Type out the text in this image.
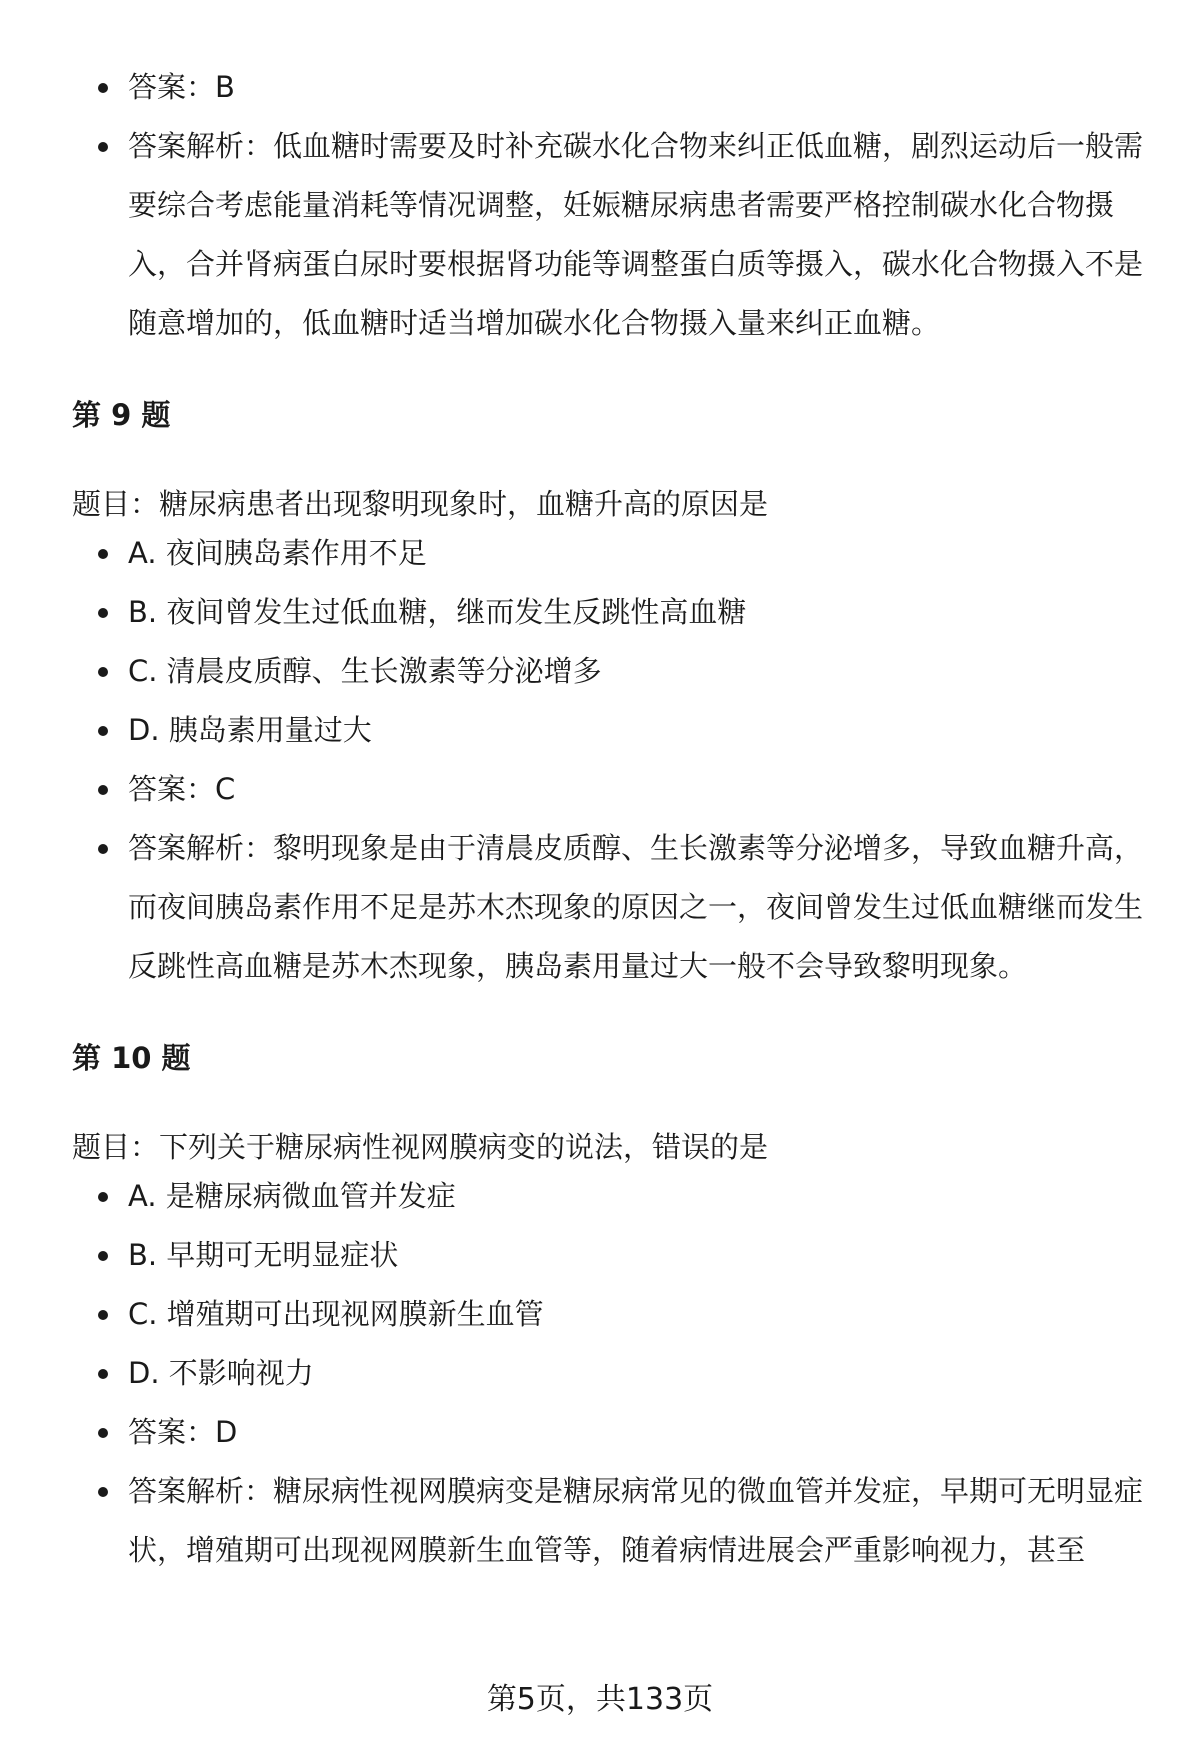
答案：B
答案解析：低血糖时需要及时补充碳水化合物来纠正低血糖，剧烈运动后一般需要综合考虑能量消耗等情况调整，妊娠糖尿病患者需要严格控制碳水化合物摄入，合并肾病蛋白尿时要根据肾功能等调整蛋白质等摄入，碳水化合物摄入不是随意增加的，低血糖时适当增加碳水化合物摄入量来纠正血糖。
第 9 题
题目：糖尿病患者出现黎明现象时，血糖升高的原因是
A. 夜间胰岛素作用不足
B. 夜间曾发生过低血糖，继而发生反跳性高血糖
C. 清晨皮质醇、生长激素等分泌增多
D. 胰岛素用量过大
答案：C
答案解析：黎明现象是由于清晨皮质醇、生长激素等分泌增多，导致血糖升高，而夜间胰岛素作用不足是苏木杰现象的原因之一，夜间曾发生过低血糖继而发生反跳性高血糖是苏木杰现象，胰岛素用量过大一般不会导致黎明现象。
第 10 题
题目：下列关于糖尿病性视网膜病变的说法，错误的是
A. 是糖尿病微血管并发症
B. 早期可无明显症状
C. 增殖期可出现视网膜新生血管
D. 不影响视力
答案：D
答案解析：糖尿病性视网膜病变是糖尿病常见的微血管并发症，早期可无明显症状，增殖期可出现视网膜新生血管等，随着病情进展会严重影响视力，甚至
第5页，共133页
